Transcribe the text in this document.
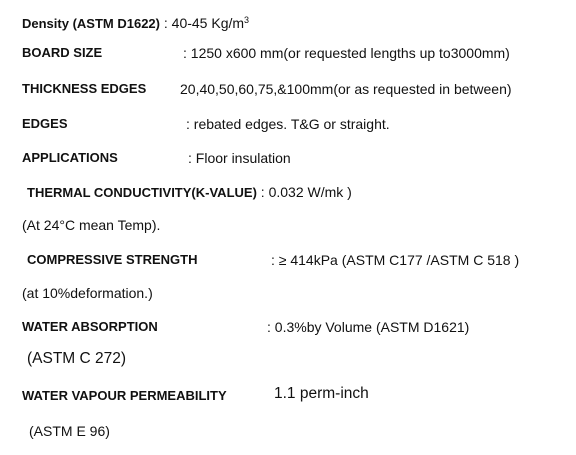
Density (ASTM D1622) : 40-45 $Kg/m^3$
BOARD SIZE	: 1250 x600 mm(or requested lengths up to3000mm)
THICKNESS EDGES 20,40,50,60,75,&100mm(or as requested in between)
EDGES	: rebated edges. T&G or straight.
APPLICATIONS	: Floor insulation
THERMAL CONDUCTIVITY(K-VALUE) : 0.032 W/mk )
(At 24°C mean Temp).
COMPRESSIVE STRENGTH	: ≥ 414kPa (ASTM C177 /ASTM C 518 )
(at 10%deformation.)
WATER ABSORPTION	: 0.3%by Volume (ASTM D1621)
(ASTM C 272)
WATER VAPOUR PERMEABILITY	1.1 perm-inch
(ASTM E 96)
